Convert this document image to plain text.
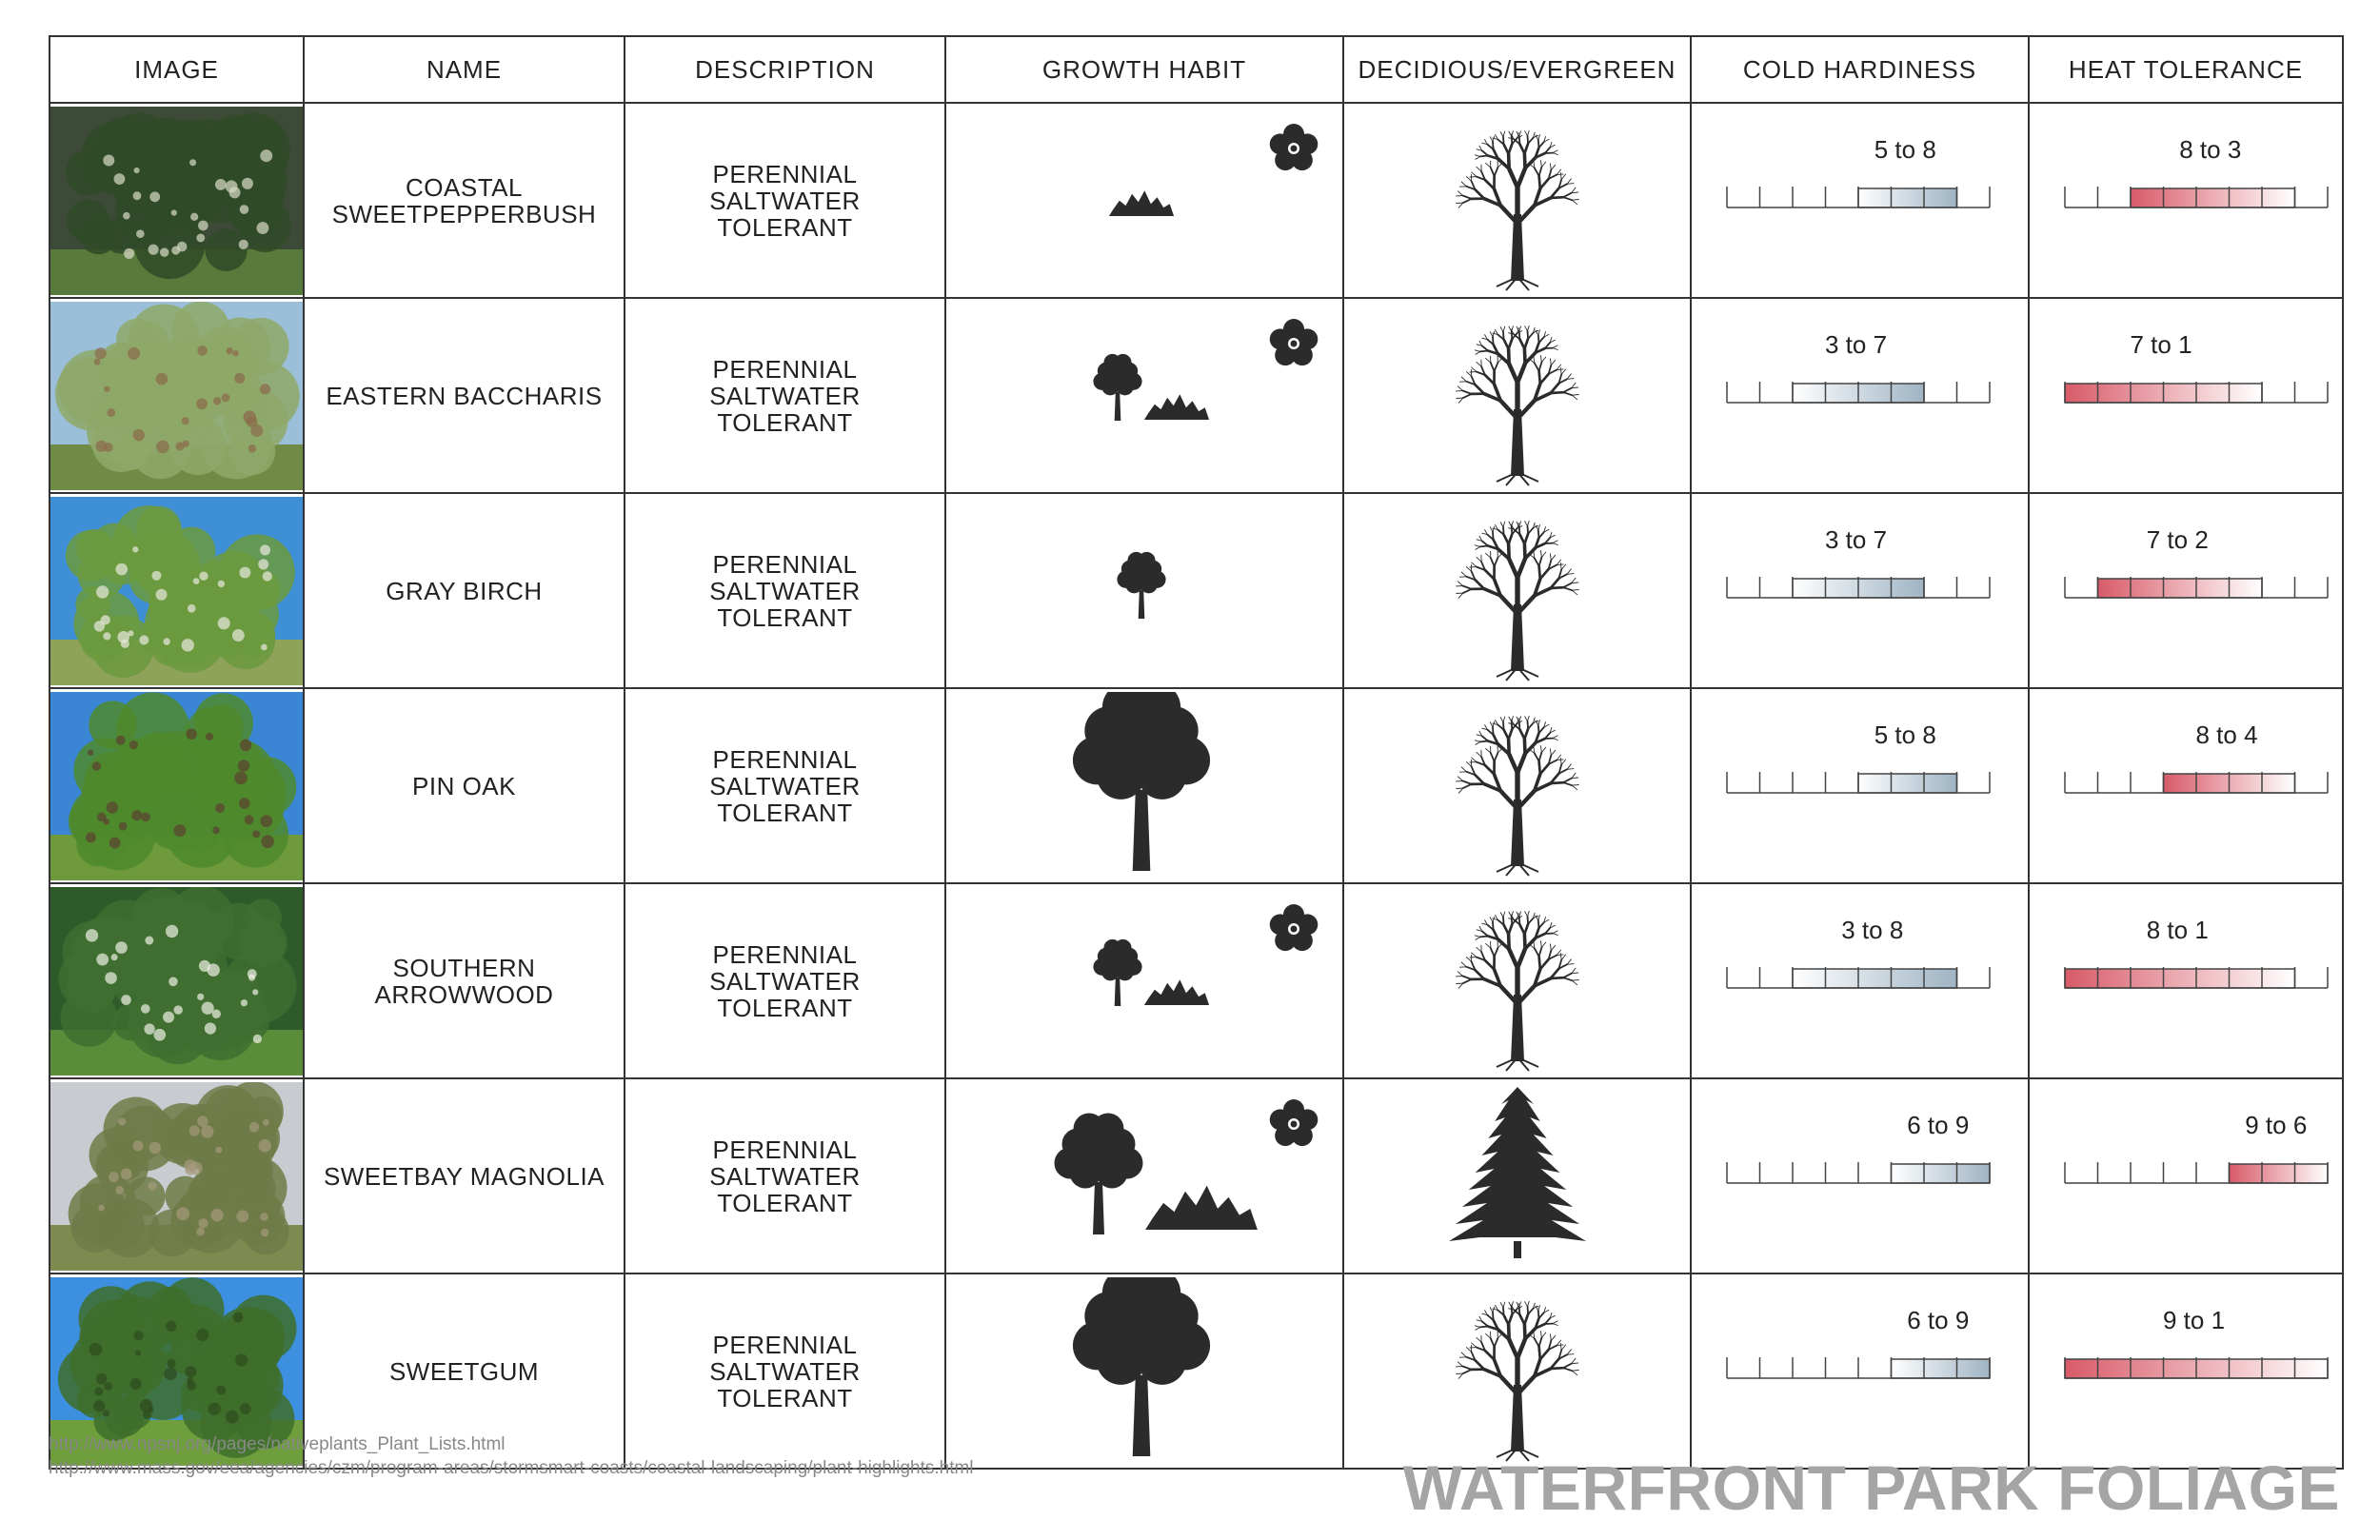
IMAGE	NAME	DESCRIPTION	GROWTH HABIT	DECIDIOUS/EVERGREEN	COLD HARDINESS	HEAT TOLERANCE

COASTAL SWEETPEPPERBUSH	PERENNIAL SALTWATER TOLERANT			5 to 8	8 to 3

EASTERN BACCHARIS	PERENNIAL SALTWATER TOLERANT			3 to 7	7 to 1

GRAY BIRCH	PERENNIAL SALTWATER TOLERANT			3 to 7	7 to 2

PIN OAK	PERENNIAL SALTWATER TOLERANT			5 to 8	8 to 4

SOUTHERN ARROWWOOD	PERENNIAL SALTWATER TOLERANT			3 to 8	8 to 1

SWEETBAY MAGNOLIA	PERENNIAL SALTWATER TOLERANT			6 to 9	9 to 6

SWEETGUM	PERENNIAL SALTWATER TOLERANT			6 to 9	9 to 1
http://www.npsnj.org/pages/nativeplants_Plant_Lists.html
http://www.mass.gov/eea/agencies/czm/program-areas/stormsmart-coasts/coastal-landscaping/plant-highlights.html	WATERFRONT PARK FOLIAGE
